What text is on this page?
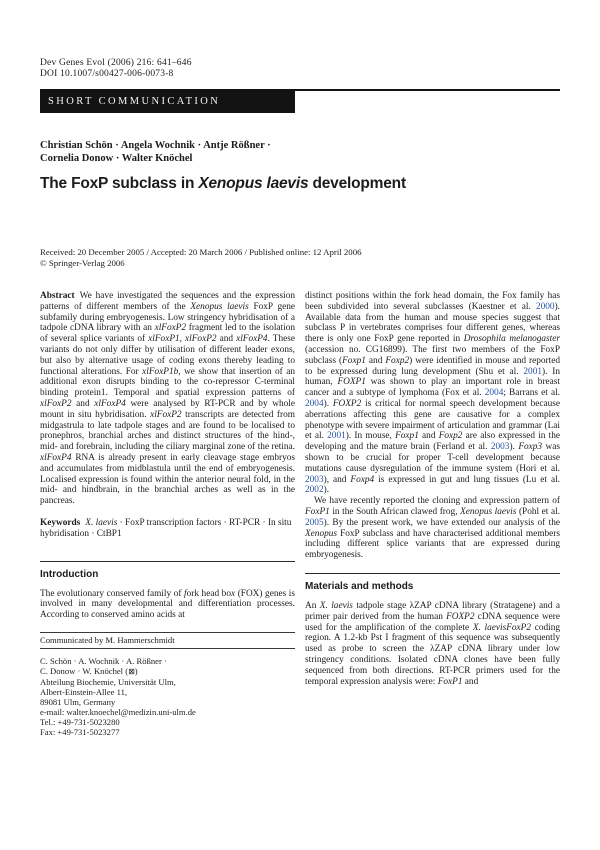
Dev Genes Evol (2006) 216: 641–646
DOI 10.1007/s00427-006-0073-8
SHORT COMMUNICATION
Christian Schön · Angela Wochnik · Antje Rößner ·
Cornelia Donow · Walter Knöchel
The FoxP subclass in Xenopus laevis development
Received: 20 December 2005 / Accepted: 20 March 2006 / Published online: 12 April 2006
© Springer-Verlag 2006

Abstract We have investigated the sequences and the expression patterns of different members of the Xenopus laevis FoxP gene subfamily during embryogenesis. Low stringency hybridisation of a tadpole cDNA library with an xlFoxP2 fragment led to the isolation of several splice variants of xlFoxP1, xlFoxP2 and xlFoxP4. These variants do not only differ by utilisation of different leader exons, but also by alternative usage of coding exons thereby leading to functional alterations. For xlFoxP1b, we show that insertion of an additional exon disrupts binding to the co-repressor C-terminal binding protein1. Temporal and spatial expression patterns of xlFoxP2 and xlFoxP4 were analysed by RT-PCR and by whole mount in situ hybridisation. xlFoxP2 transcripts are detected from midgastrula to late tadpole stages and are found to be localised to pronephros, branchial arches and distinct structures of the hind-, mid- and forebrain, including the ciliary marginal zone of the retina. xlFoxP4 RNA is already present in early cleavage stage embryos and accumulates from midblastula until the end of embryogenesis. Localised expression is found within the anterior neural fold, in the mid- and hindbrain, in the branchial arches as well as in the pancreas.

Keywords X. laevis · FoxP transcription factors · RT-PCR · In situ hybridisation · CtBP1

Introduction

The evolutionary conserved family of fork head box (FOX) genes is involved in many developmental and differentiation processes. According to conserved amino acids at

Communicated by M. Hammerschmidt
C. Schön · A. Wochnik · A. Rößner ·
C. Donow · W. Knöchel (⊠)
Abteilung Biochemie, Universität Ulm,
Albert-Einstein-Allee 11,
89081 Ulm, Germany
e-mail: walter.knoechel@medizin.uni-ulm.de
Tel.: +49-731-5023280
Fax: +49-731-5023277

distinct positions within the fork head domain, the Fox family has been subdivided into several subclasses (Kaestner et al. 2000). Available data from the human and mouse species suggest that subclass P in vertebrates comprises four different genes, whereas there is only one FoxP gene reported in Drosophila melanogaster (accession no. CG16899). The first two members of the FoxP subclass (Foxp1 and Foxp2) were identified in mouse and reported to be expressed during lung development (Shu et al. 2001). In human, FOXP1 was shown to play an important role in breast cancer and a subtype of lymphoma (Fox et al. 2004; Barrans et al. 2004). FOXP2 is critical for normal speech development because aberrations affecting this gene are causative for a complex phenotype with severe impairment of articulation and grammar (Lai et al. 2001). In mouse, Foxp1 and Foxp2 are also expressed in the developing and the mature brain (Ferland et al. 2003). Foxp3 was shown to be crucial for proper T-cell development because mutations cause dysregulation of the immune system (Hori et al. 2003), and Foxp4 is expressed in gut and lung tissues (Lu et al. 2002).

We have recently reported the cloning and expression pattern of FoxP1 in the South African clawed frog, Xenopus laevis (Pohl et al. 2005). By the present work, we have extended our analysis of the Xenopus FoxP subclass and have characterised additional members including different splice variants that are expressed during embryogenesis.

Materials and methods

An X. laevis tadpole stage λZAP cDNA library (Stratagene) and a primer pair derived from the human FOXP2 cDNA sequence were used for the amplification of the complete X. laevisFoxP2 coding region. A 1.2-kb Pst I fragment of this sequence was subsequently used as probe to screen the λZAP cDNA library under low stringency conditions. Isolated cDNA clones have been fully sequenced from both directions. RT-PCR primers used for the temporal expression analysis were: FoxP1 and
